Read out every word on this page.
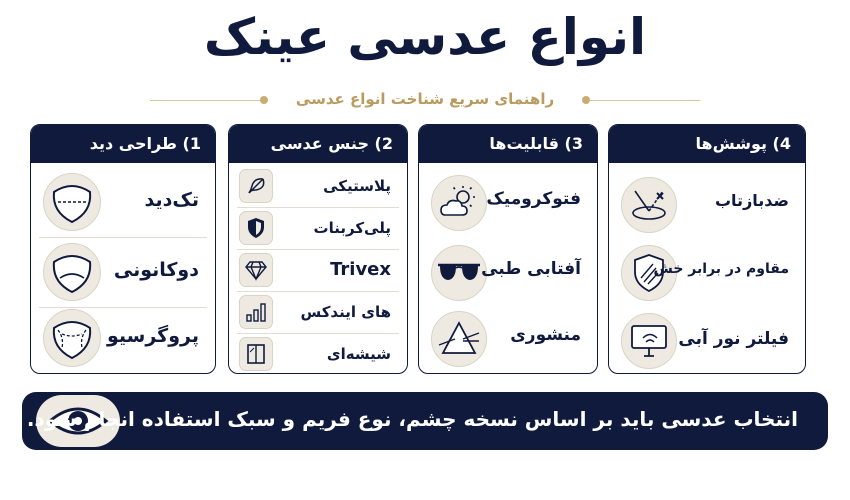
انواع عدسی عینک
راهنمای سریع شناخت انواع عدسی
1) طراحی دید
تک‌دید
دوکانونی
پروگرسیو
2) جنس عدسی
پلاستیکی
پلی‌کربنات
Trivex
های ایندکس
شیشه‌ای
3) قابلیت‌ها
فتوکرومیک
آفتابی طبی
منشوری
4) پوشش‌ها
ضدبازتاب
مقاوم در برابر خش
فیلتر نور آبی
انتخاب عدسی باید بر اساس نسخه چشم، نوع فریم و سبک استفاده انجام شود.
